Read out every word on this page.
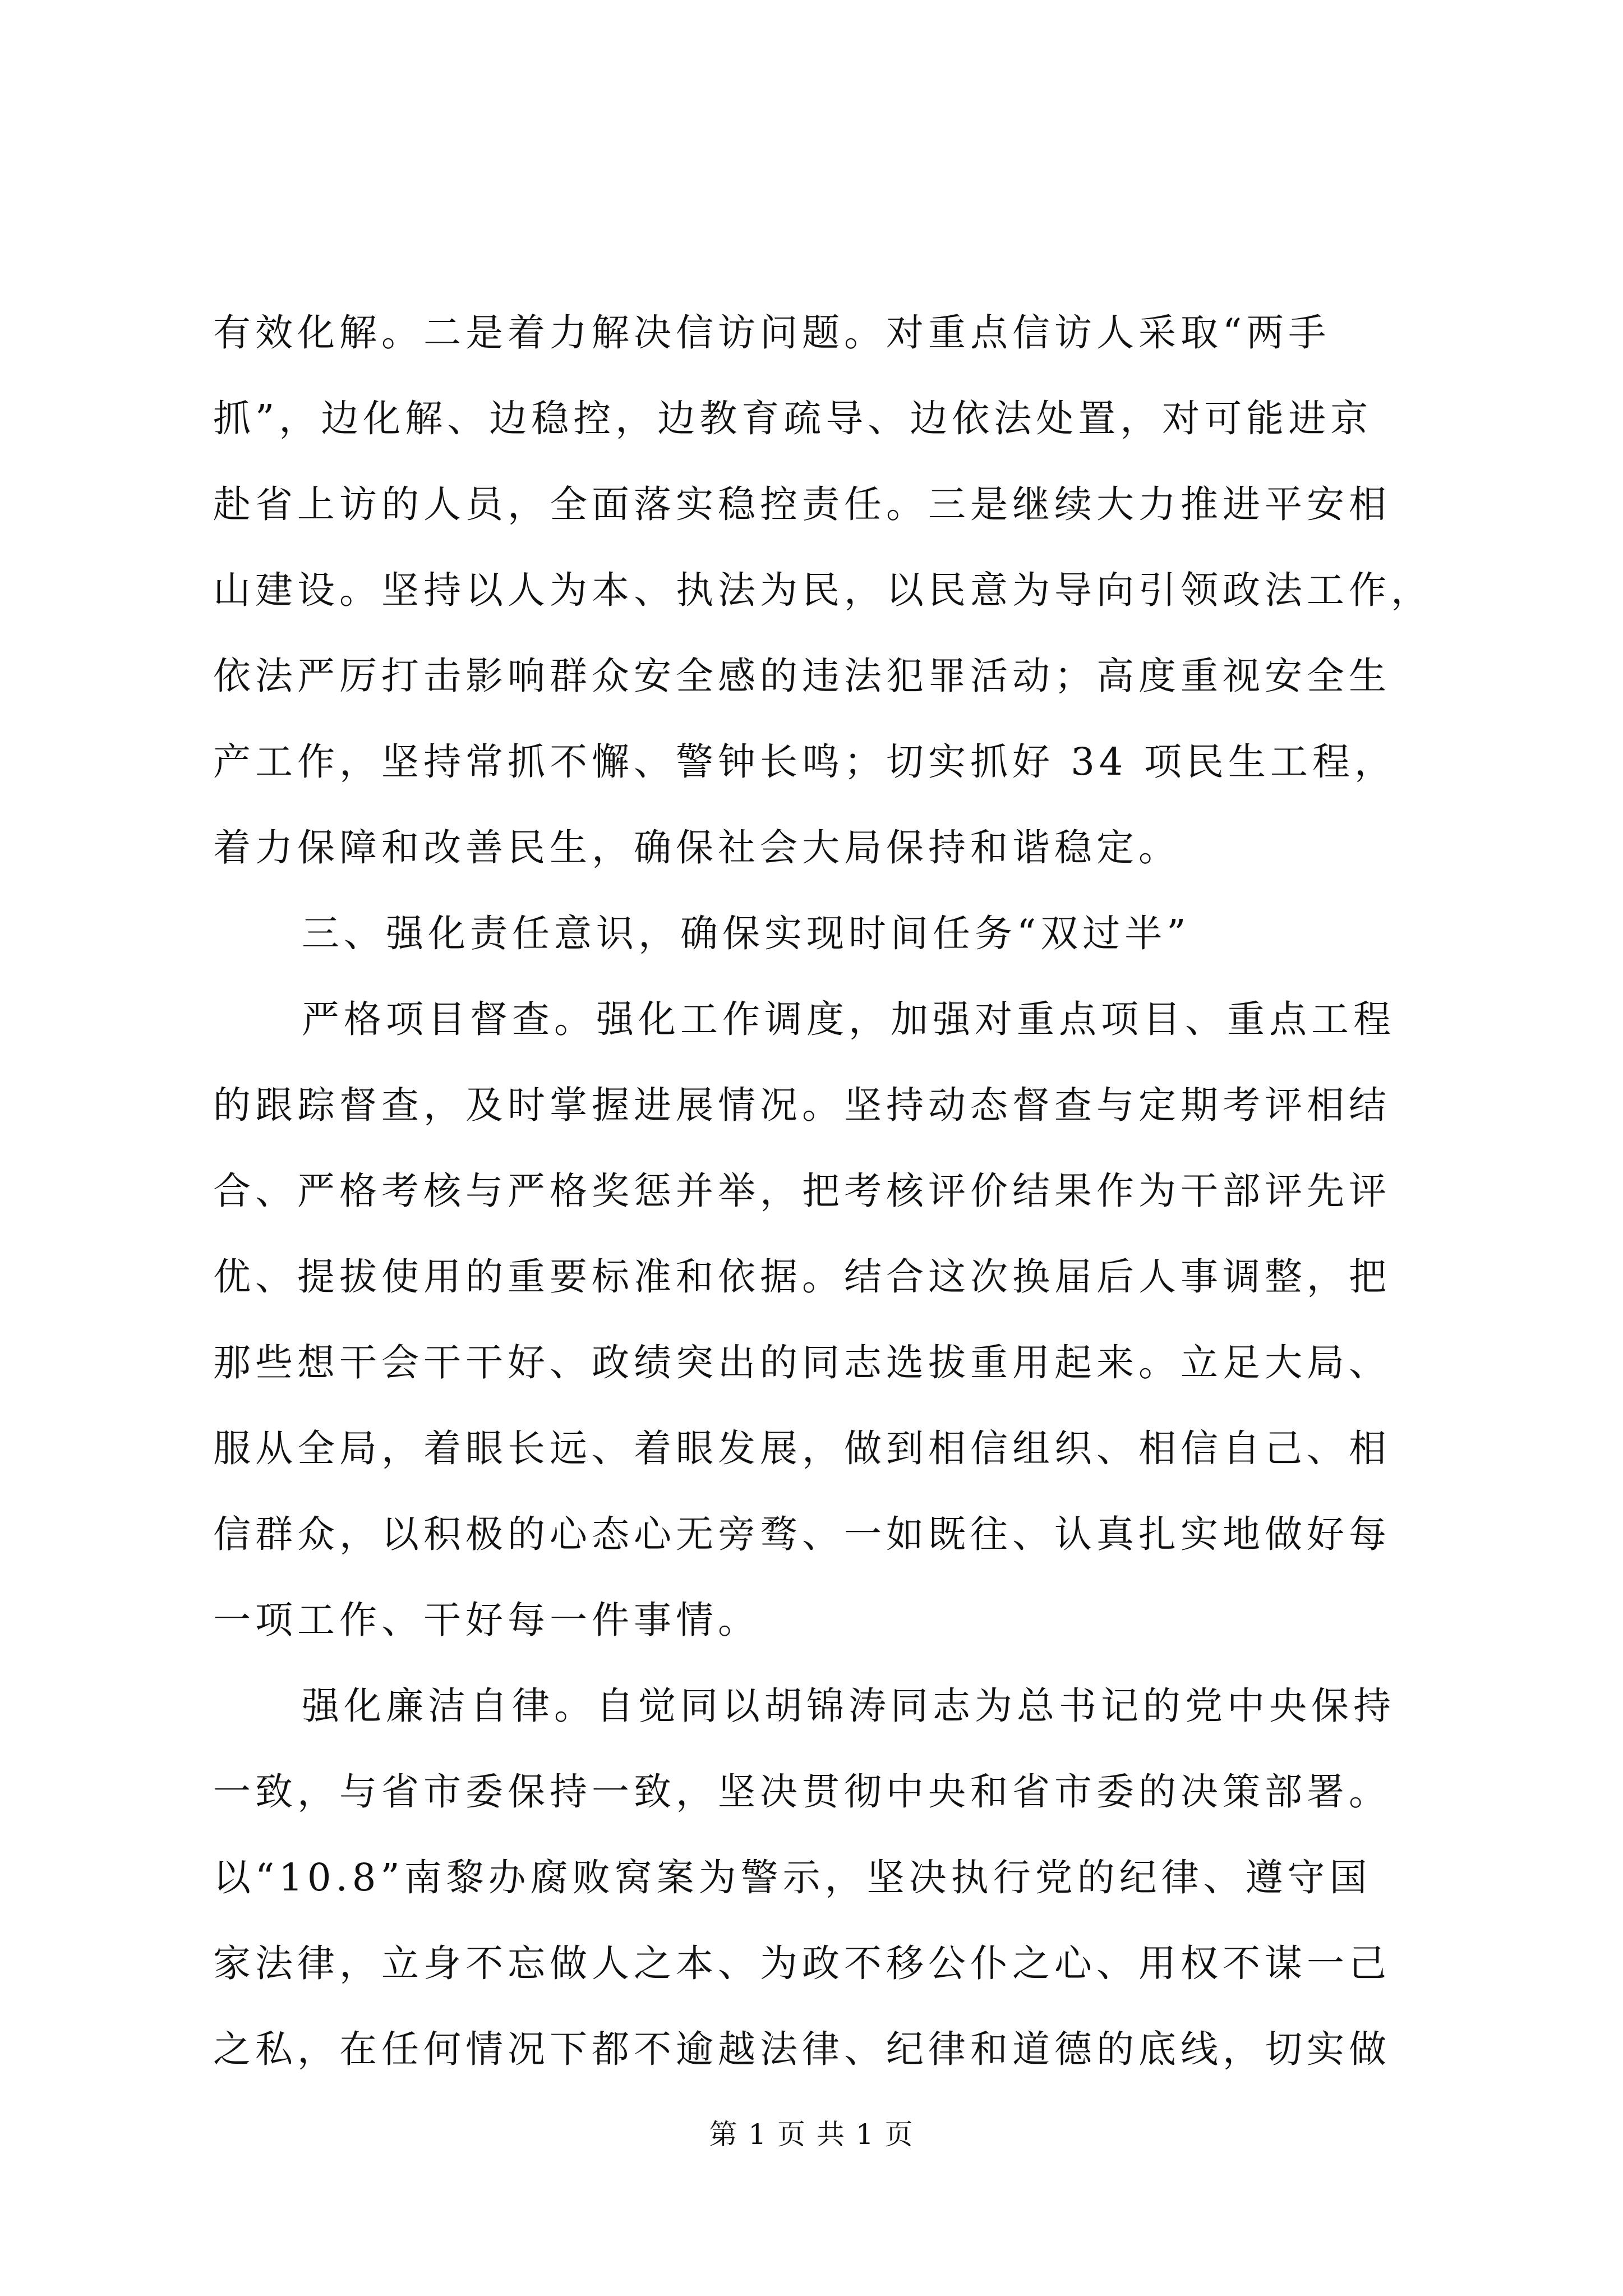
有效化解。二是着力解决信访问题。对重点信访人采取“两手
抓”，边化解、边稳控，边教育疏导、边依法处置，对可能进京
赴省上访的人员，全面落实稳控责任。三是继续大力推进平安相
山建设。坚持以人为本、执法为民，以民意为导向引领政法工作，
依法严厉打击影响群众安全感的违法犯罪活动；高度重视安全生
产工作，坚持常抓不懈、警钟长鸣；切实抓好 34 项民生工程，
着力保障和改善民生，确保社会大局保持和谐稳定。
三、强化责任意识，确保实现时间任务“双过半”
严格项目督查。强化工作调度，加强对重点项目、重点工程
的跟踪督查，及时掌握进展情况。坚持动态督查与定期考评相结
合、严格考核与严格奖惩并举，把考核评价结果作为干部评先评
优、提拔使用的重要标准和依据。结合这次换届后人事调整，把
那些想干会干干好、政绩突出的同志选拔重用起来。立足大局、
服从全局，着眼长远、着眼发展，做到相信组织、相信自己、相
信群众，以积极的心态心无旁骛、一如既往、认真扎实地做好每
一项工作、干好每一件事情。
强化廉洁自律。自觉同以胡锦涛同志为总书记的党中央保持
一致，与省市委保持一致，坚决贯彻中央和省市委的决策部署。
以“10.8”南黎办腐败窝案为警示，坚决执行党的纪律、遵守国
家法律，立身不忘做人之本、为政不移公仆之心、用权不谋一己
之私，在任何情况下都不逾越法律、纪律和道德的底线，切实做
第 1 页 共 1 页
